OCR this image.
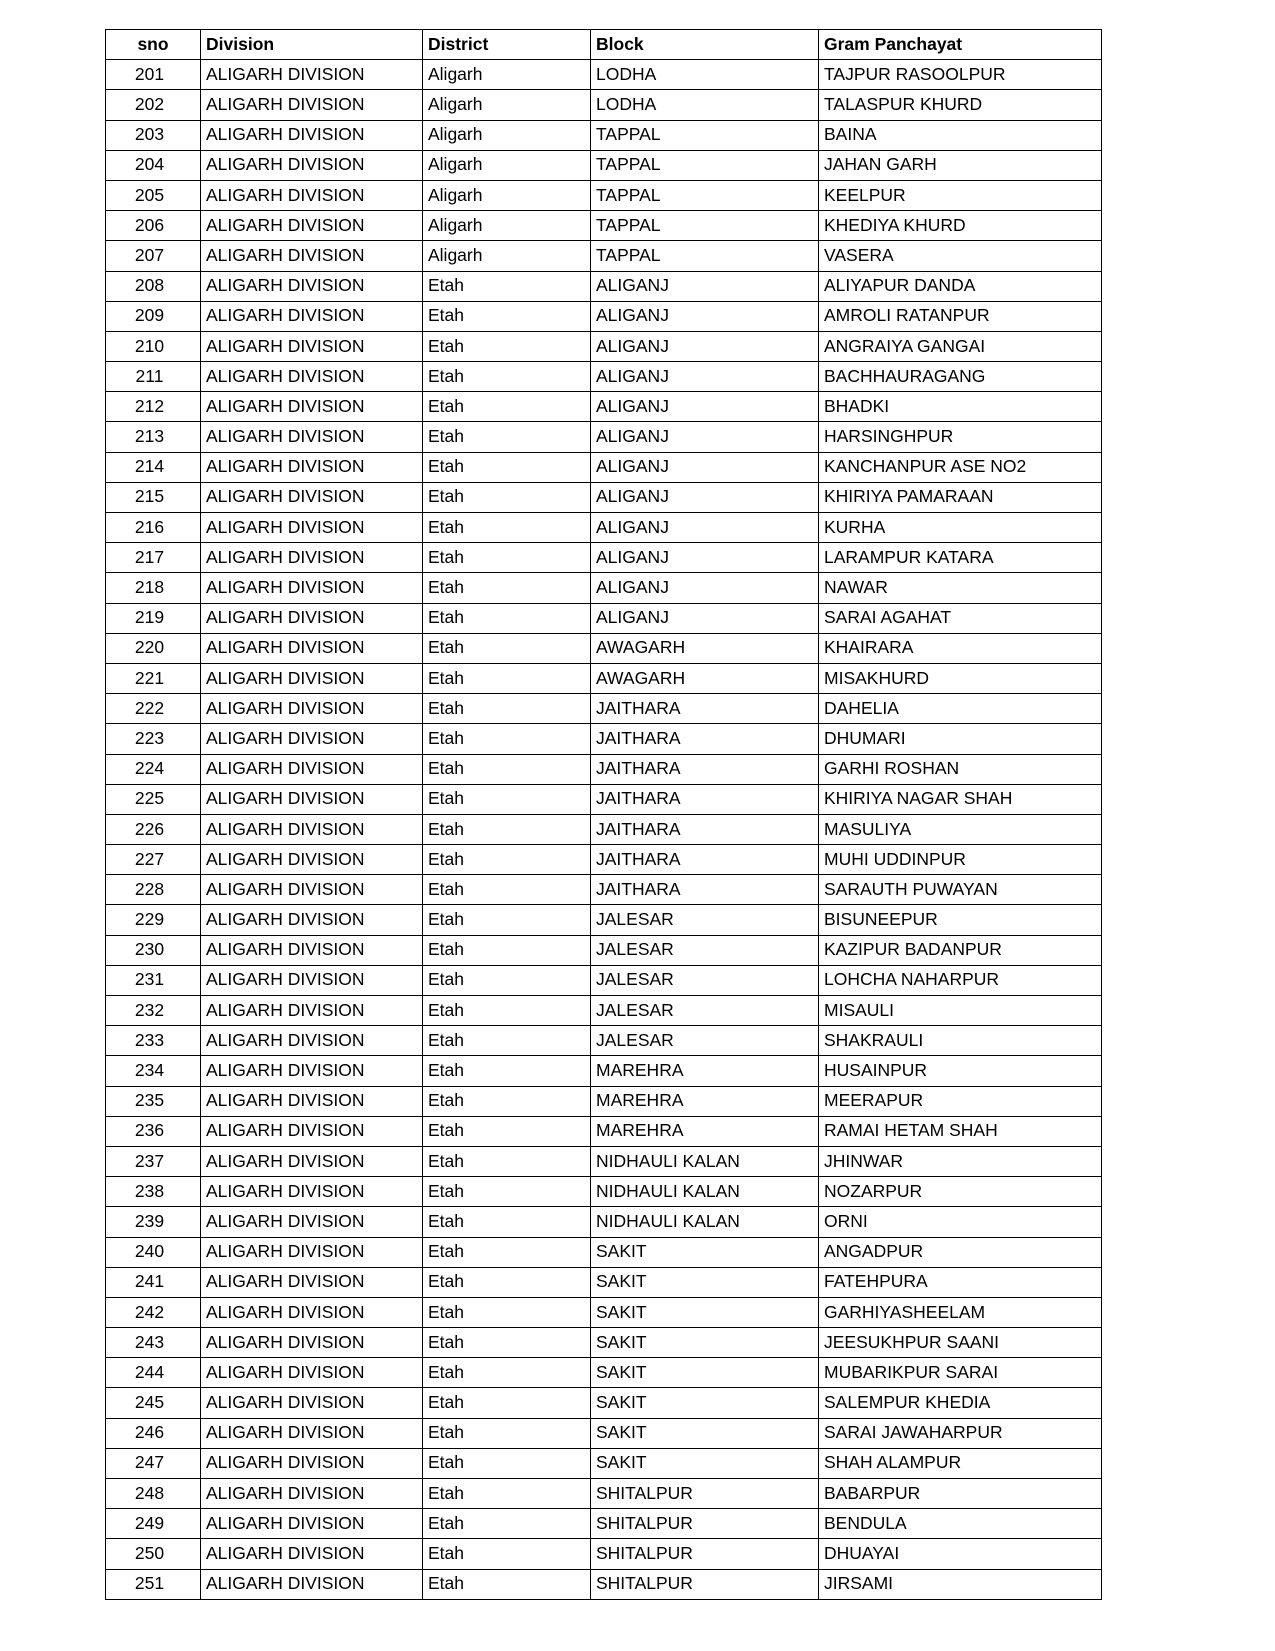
sno	Division	District	Block	Gram Panchayat
201	ALIGARH DIVISION	Aligarh	LODHA	TAJPUR RASOOLPUR
202	ALIGARH DIVISION	Aligarh	LODHA	TALASPUR KHURD
203	ALIGARH DIVISION	Aligarh	TAPPAL	BAINA
204	ALIGARH DIVISION	Aligarh	TAPPAL	JAHAN GARH
205	ALIGARH DIVISION	Aligarh	TAPPAL	KEELPUR
206	ALIGARH DIVISION	Aligarh	TAPPAL	KHEDIYA KHURD
207	ALIGARH DIVISION	Aligarh	TAPPAL	VASERA
208	ALIGARH DIVISION	Etah	ALIGANJ	ALIYAPUR DANDA
209	ALIGARH DIVISION	Etah	ALIGANJ	AMROLI RATANPUR
210	ALIGARH DIVISION	Etah	ALIGANJ	ANGRAIYA GANGAI
211	ALIGARH DIVISION	Etah	ALIGANJ	BACHHAURAGANG
212	ALIGARH DIVISION	Etah	ALIGANJ	BHADKI
213	ALIGARH DIVISION	Etah	ALIGANJ	HARSINGHPUR
214	ALIGARH DIVISION	Etah	ALIGANJ	KANCHANPUR ASE NO2
215	ALIGARH DIVISION	Etah	ALIGANJ	KHIRIYA PAMARAAN
216	ALIGARH DIVISION	Etah	ALIGANJ	KURHA
217	ALIGARH DIVISION	Etah	ALIGANJ	LARAMPUR KATARA
218	ALIGARH DIVISION	Etah	ALIGANJ	NAWAR
219	ALIGARH DIVISION	Etah	ALIGANJ	SARAI AGAHAT
220	ALIGARH DIVISION	Etah	AWAGARH	KHAIRARA
221	ALIGARH DIVISION	Etah	AWAGARH	MISAKHURD
222	ALIGARH DIVISION	Etah	JAITHARA	DAHELIA
223	ALIGARH DIVISION	Etah	JAITHARA	DHUMARI
224	ALIGARH DIVISION	Etah	JAITHARA	GARHI ROSHAN
225	ALIGARH DIVISION	Etah	JAITHARA	KHIRIYA NAGAR SHAH
226	ALIGARH DIVISION	Etah	JAITHARA	MASULIYA
227	ALIGARH DIVISION	Etah	JAITHARA	MUHI UDDINPUR
228	ALIGARH DIVISION	Etah	JAITHARA	SARAUTH PUWAYAN
229	ALIGARH DIVISION	Etah	JALESAR	BISUNEEPUR
230	ALIGARH DIVISION	Etah	JALESAR	KAZIPUR BADANPUR
231	ALIGARH DIVISION	Etah	JALESAR	LOHCHA NAHARPUR
232	ALIGARH DIVISION	Etah	JALESAR	MISAULI
233	ALIGARH DIVISION	Etah	JALESAR	SHAKRAULI
234	ALIGARH DIVISION	Etah	MAREHRA	HUSAINPUR
235	ALIGARH DIVISION	Etah	MAREHRA	MEERAPUR
236	ALIGARH DIVISION	Etah	MAREHRA	RAMAI HETAM SHAH
237	ALIGARH DIVISION	Etah	NIDHAULI KALAN	JHINWAR
238	ALIGARH DIVISION	Etah	NIDHAULI KALAN	NOZARPUR
239	ALIGARH DIVISION	Etah	NIDHAULI KALAN	ORNI
240	ALIGARH DIVISION	Etah	SAKIT	ANGADPUR
241	ALIGARH DIVISION	Etah	SAKIT	FATEHPURA
242	ALIGARH DIVISION	Etah	SAKIT	GARHIYASHEELAM
243	ALIGARH DIVISION	Etah	SAKIT	JEESUKHPUR SAANI
244	ALIGARH DIVISION	Etah	SAKIT	MUBARIKPUR SARAI
245	ALIGARH DIVISION	Etah	SAKIT	SALEMPUR KHEDIA
246	ALIGARH DIVISION	Etah	SAKIT	SARAI JAWAHARPUR
247	ALIGARH DIVISION	Etah	SAKIT	SHAH ALAMPUR
248	ALIGARH DIVISION	Etah	SHITALPUR	BABARPUR
249	ALIGARH DIVISION	Etah	SHITALPUR	BENDULA
250	ALIGARH DIVISION	Etah	SHITALPUR	DHUAYAI
251	ALIGARH DIVISION	Etah	SHITALPUR	JIRSAMI
